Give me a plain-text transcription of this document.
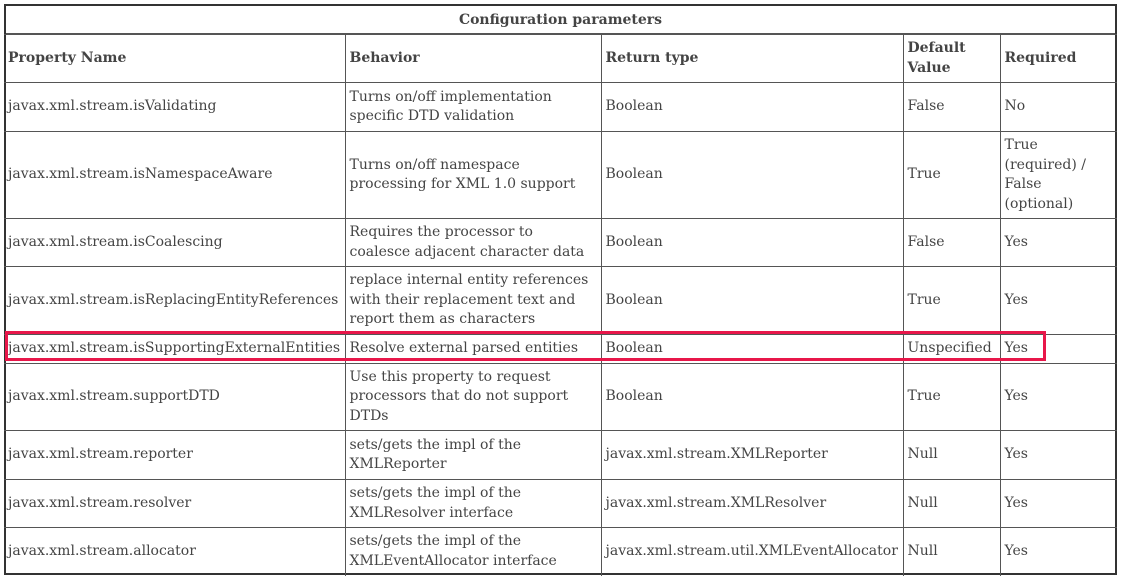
Configuration parameters
Property Name	Behavior	Return type	Default Value	Required
javax.xml.stream.isValidating	Turns on/off implementation specific DTD validation	Boolean	False	No
javax.xml.stream.isNamespaceAware	Turns on/off namespace processing for XML 1.0 support	Boolean	True	True (required) / False (optional)
javax.xml.stream.isCoalescing	Requires the processor to coalesce adjacent character data	Boolean	False	Yes
javax.xml.stream.isReplacingEntityReferences	replace internal entity references with their replacement text and report them as characters	Boolean	True	Yes
javax.xml.stream.isSupportingExternalEntities	Resolve external parsed entities	Boolean	Unspecified	Yes
javax.xml.stream.supportDTD	Use this property to request processors that do not support DTDs	Boolean	True	Yes
javax.xml.stream.reporter	sets/gets the impl of the XMLReporter	javax.xml.stream.XMLReporter	Null	Yes
javax.xml.stream.resolver	sets/gets the impl of the XMLResolver interface	javax.xml.stream.XMLResolver	Null	Yes
javax.xml.stream.allocator	sets/gets the impl of the XMLEventAllocator interface	javax.xml.stream.util.XMLEventAllocator	Null	Yes
